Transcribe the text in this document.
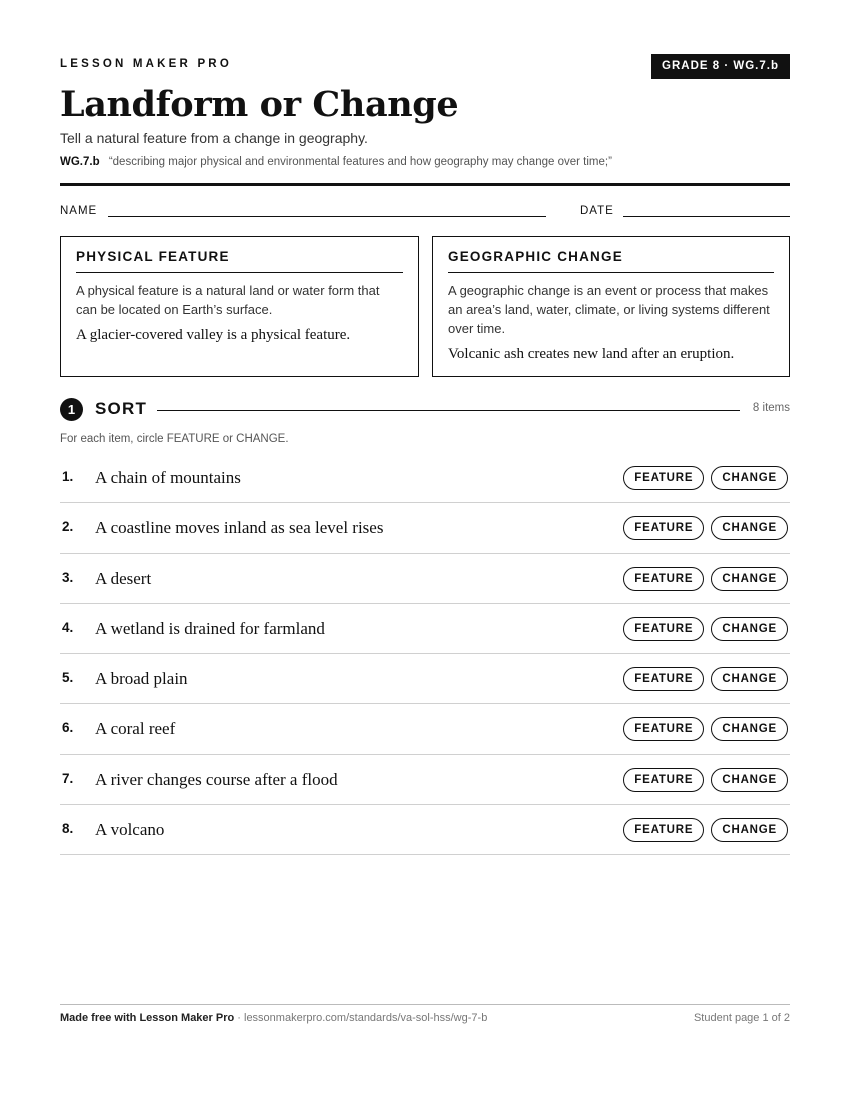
LESSON MAKER PRO	GRADE 8 · WG.7.b
Landform or Change
Tell a natural feature from a change in geography.
WG.7.b “describing major physical and environmental features and how geography may change over time;”
NAME	DATE
PHYSICAL FEATURE

A physical feature is a natural land or water form that can be located on Earth’s surface.

A glacier-covered valley is a physical feature.

GEOGRAPHIC CHANGE

A geographic change is an event or process that makes an area’s land, water, climate, or living systems different over time.

Volcanic ash creates new land after an eruption.

1	SORT	8 items
For each item, circle FEATURE or CHANGE.
1. A chain of mountains	FEATURE	CHANGE
2. A coastline moves inland as sea level rises	FEATURE	CHANGE
3. A desert	FEATURE	CHANGE
4. A wetland is drained for farmland	FEATURE	CHANGE
5. A broad plain	FEATURE	CHANGE
6. A coral reef	FEATURE	CHANGE
7. A river changes course after a flood	FEATURE	CHANGE
8. A volcano	FEATURE	CHANGE
Made free with Lesson Maker Pro · lessonmakerpro.com/standards/va-sol-hss/wg-7-b	Student page 1 of 2
